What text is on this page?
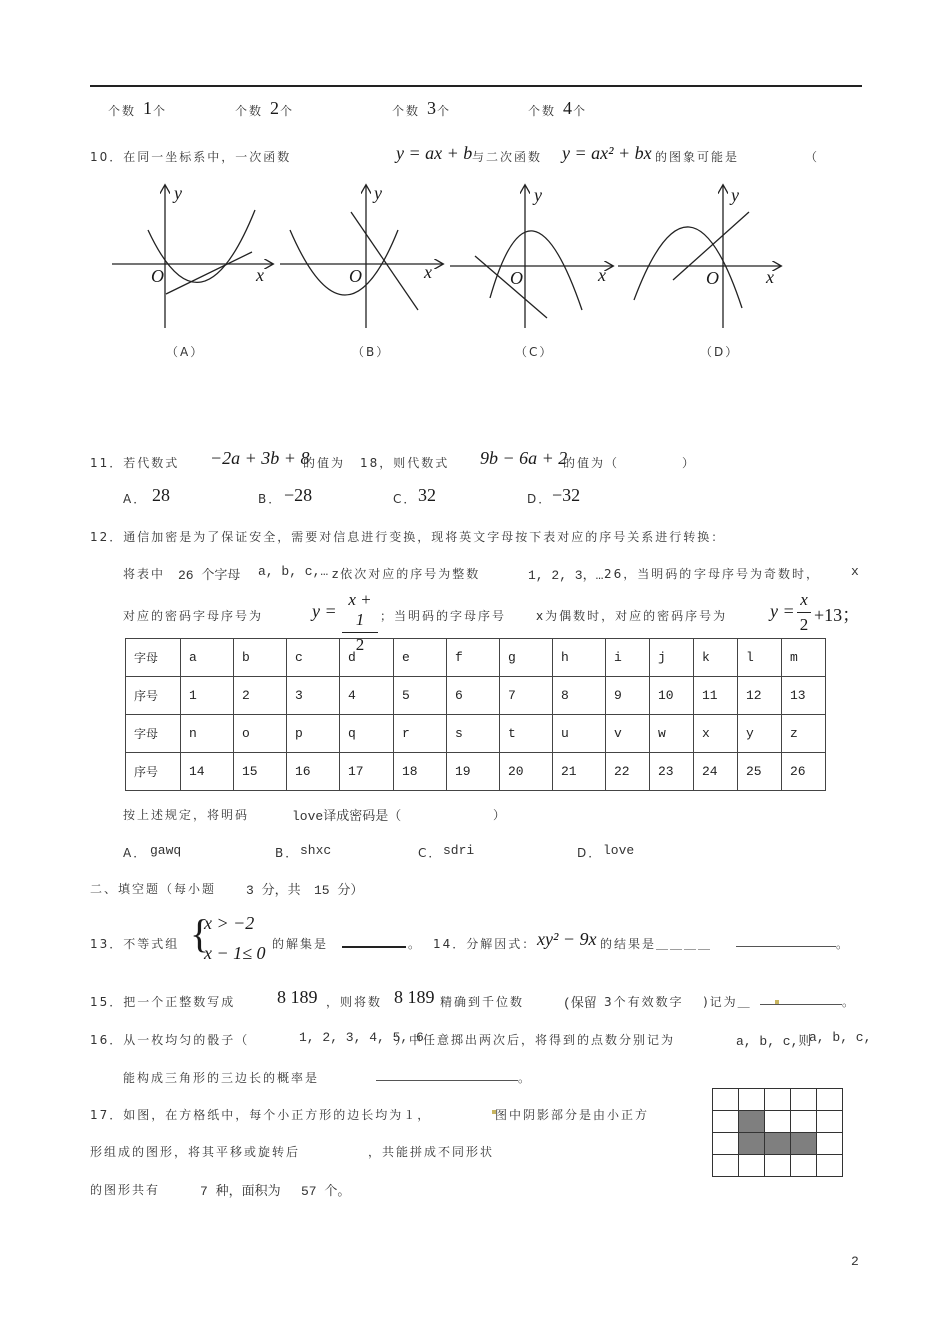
个数 1 个	个数 2 个	个数 3 个	个数 4 个
10．在同一坐标系中，一次函数	y = ax + b 与二次函数 y = ax² + bx 的图象可能是	（
y
x
O
y
x
O
y
x
O
y
x
O
（A）	（B）	（C）	（D）
11．若代数式 −2a + 3b + 8
的值为 18，则代数式 9b − 6a + 2
的值为（	）
A． 28	B． −28	C． 32	D． −32
12．通信加密是为了保证安全，需要对信息进行变换，现将英文字母按下表对应的序号关系进行转换：
将表中 26 个字母 a, b, c,… z依次对应的序号为整数	1, 2, 3，… 26，当明码的 字母序号为奇数时， x
对应的密码字母序号为	y =
x + 1
2
；当明码的字母序号 x为偶数时，对应的密码序号为 y =
x
2 +13；
字母	a	b	c	d	e	f	g	h	i	j	k	l	m
序号	1	2	3	4	5	6	7	8	9	10	11	12	13
字母	n	o	p	q	r	s	t	u	v	w	x	y	z
序号	14	15	16	17	18	19	20	21	22	23	24	25	26
按上述规定，将明码	love译成密码是（	）
A． gawq	B． shxc	C． sdri	D． love
二、填空题（每小题 3 分，共 15 分）
13．不等式组 {
x > −2
x − 1≤ 0 的解集是	。 14．分解因式： xy² − 9x 的结果是＿＿＿＿	。
15．把一个正整数写成 8 189 ，则将数 8 189 精确到千位数	(保留 3个有效数字 )记为＿	。
16．从一枚均匀的骰子（	1, 2, 3, 4, 5, 6
）中任意掷出两次后，将得到的点数分别记为	a, b, c,则
a, b, c,
能构成三角形的三边长的概率是	。
17．如图，在方格纸中，每个小正方形的边长均为１，	图中阴影部分是由小正方
形组成的图形，将其平移或旋转后	，共能拼成不同形状
的图形共有	7 种，面积为 57 个。
2
